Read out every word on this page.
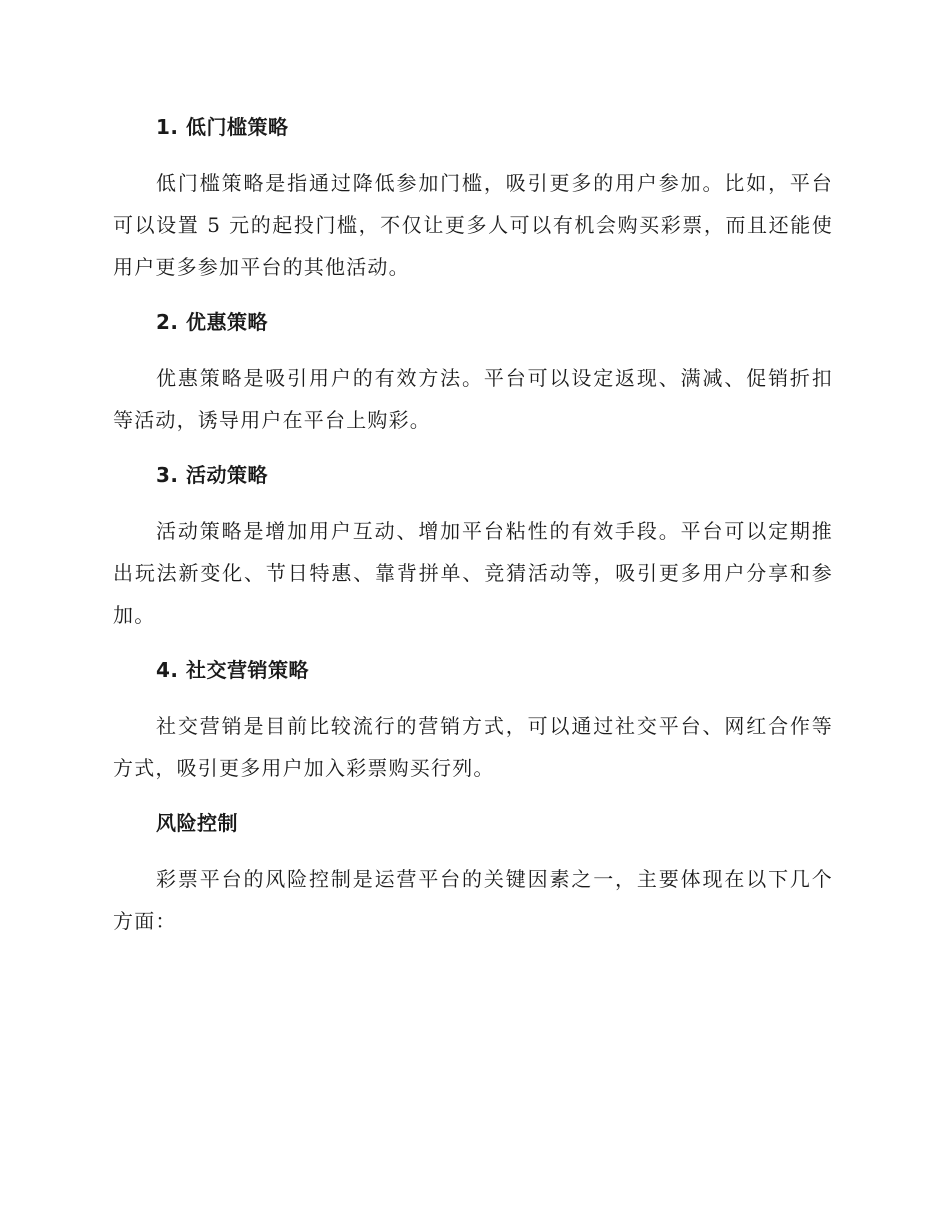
1. 低门槛策略

低门槛策略是指通过降低参加门槛，吸引更多的用户参加。比如，平台可以设置 5 元的起投门槛，不仅让更多人可以有机会购买彩票，而且还能使用户更多参加平台的其他活动。

2. 优惠策略

优惠策略是吸引用户的有效方法。平台可以设定返现、满减、促销折扣等活动，诱导用户在平台上购彩。

3. 活动策略

活动策略是增加用户互动、增加平台粘性的有效手段。平台可以定期推出玩法新变化、节日特惠、靠背拼单、竞猜活动等，吸引更多用户分享和参加。

4. 社交营销策略

社交营销是目前比较流行的营销方式，可以通过社交平台、网红合作等方式，吸引更多用户加入彩票购买行列。

风险控制

彩票平台的风险控制是运营平台的关键因素之一，主要体现在以下几个方面：
